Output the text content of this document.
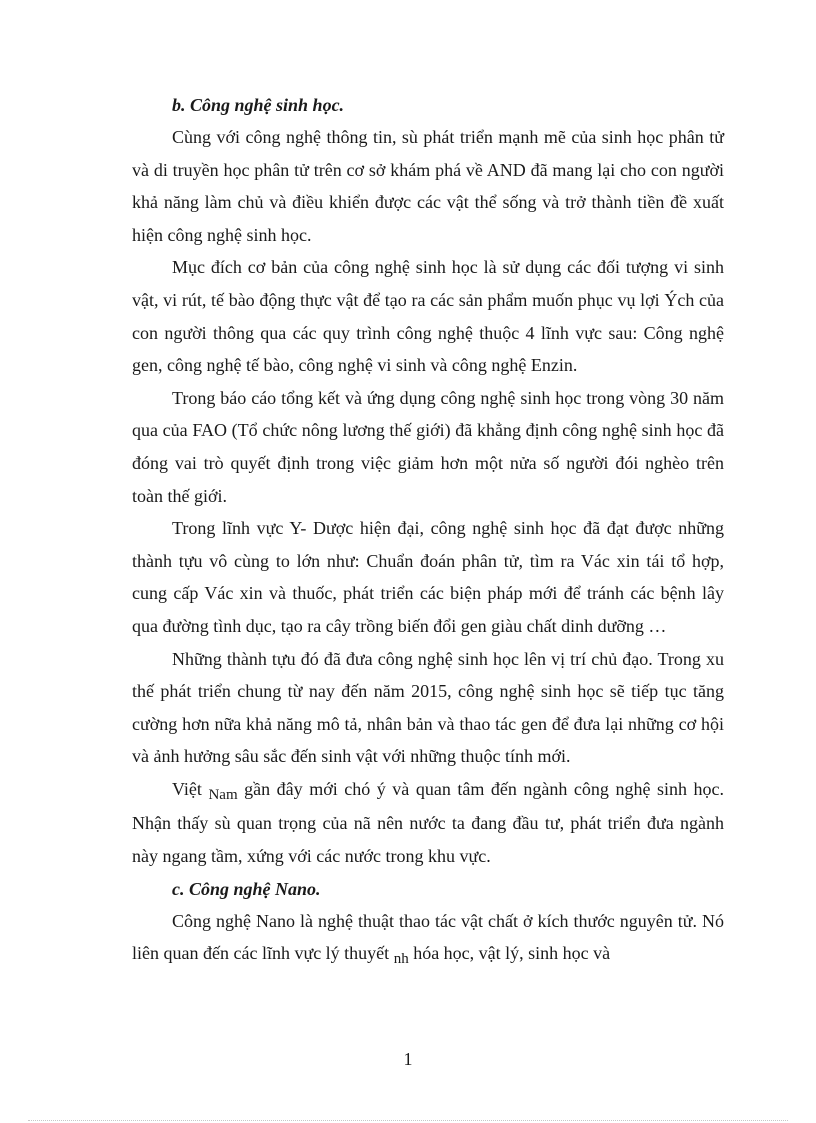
b. Công nghệ sinh học.

Cùng với công nghệ thông tin, sù phát triển mạnh mẽ của sinh học phân tử và di truyền học phân tử trên cơ sở khám phá về AND đã mang lại cho con người khả năng làm chủ và điều khiển được các vật thể sống và trở thành tiền đề xuất hiện công nghệ sinh học.

Mục đích cơ bản của công nghệ sinh học là sử dụng các đối tượng vi sinh vật, vi rút, tế bào động thực vật để tạo ra các sản phẩm muốn phục vụ lợi Ých của con người thông qua các quy trình công nghệ thuộc 4 lĩnh vực sau: Công nghệ gen, công nghệ tế bào, công nghệ vi sinh và công nghệ Enzin.

Trong báo cáo tổng kết và ứng dụng công nghệ sinh học trong vòng 30 năm qua của FAO (Tổ chức nông lương thế giới) đã khẳng định công nghệ sinh học đã đóng vai trò quyết định trong việc giảm hơn một nửa số người đói nghèo trên toàn thế giới.

Trong lĩnh vực Y- Dược hiện đại, công nghệ sinh học đã đạt được những thành tựu vô cùng to lớn như: Chuẩn đoán phân tử, tìm ra Vác xin tái tổ hợp, cung cấp Vác xin và thuốc, phát triển các biện pháp mới để tránh các bệnh lây qua đường tình dục, tạo ra cây trồng biến đổi gen giàu chất dinh dưỡng …

Những thành tựu đó đã đưa công nghệ sinh học lên vị trí chủ đạo. Trong xu thế phát triển chung từ nay đến năm 2015, công nghệ sinh học sẽ tiếp tục tăng cường hơn nữa khả năng mô tả, nhân bản và thao tác gen để đưa lại những cơ hội và ảnh hưởng sâu sắc đến sinh vật với những thuộc tính mới.

Việt $_{Nam}$ gần đây mới chó ý và quan tâm đến ngành công nghệ sinh học. Nhận thấy sù quan trọng của nã nên nước ta đang đầu tư, phát triển đưa ngành này ngang tầm, xứng với các nước trong khu vực.

c. Công nghệ Nano.

Công nghệ Nano là nghệ thuật thao tác vật chất ở kích thước nguyên tử. Nó liên quan đến các lĩnh vực lý thuyết $_{nh}$ hóa học, vật lý, sinh học và

1
